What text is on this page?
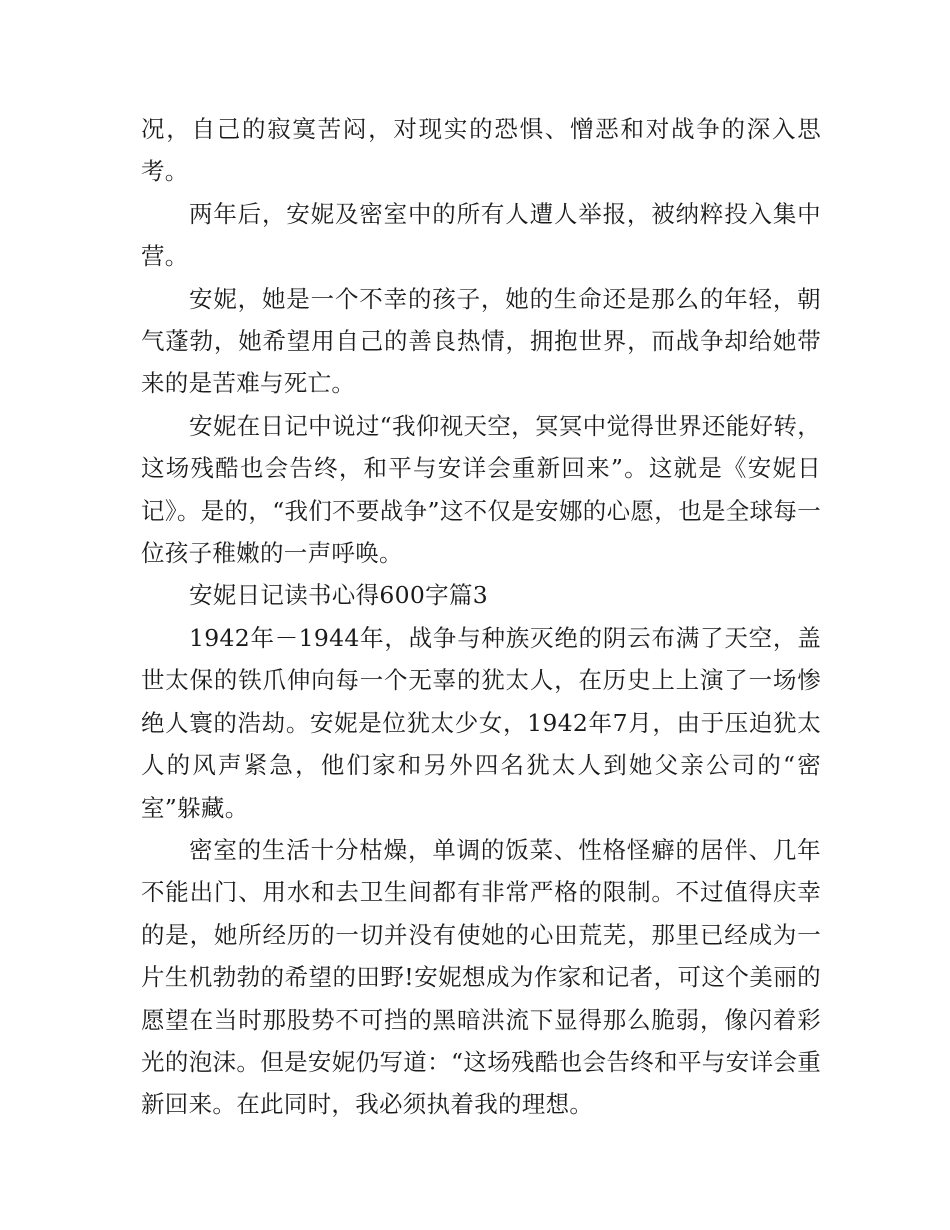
况，自己的寂寞苦闷，对现实的恐惧、憎恶和对战争的深入思考。

两年后，安妮及密室中的所有人遭人举报，被纳粹投入集中营。

安妮，她是一个不幸的孩子，她的生命还是那么的年轻，朝气蓬勃，她希望用自己的善良热情，拥抱世界，而战争却给她带来的是苦难与死亡。

安妮在日记中说过“我仰视天空，冥冥中觉得世界还能好转，这场残酷也会告终，和平与安详会重新回来”。这就是《安妮日记》。是的，“我们不要战争”这不仅是安娜的心愿，也是全球每一位孩子稚嫩的一声呼唤。

安妮日记读书心得600字篇3

1942年－1944年，战争与种族灭绝的阴云布满了天空，盖世太保的铁爪伸向每一个无辜的犹太人，在历史上上演了一场惨绝人寰的浩劫。安妮是位犹太少女，1942年7月，由于压迫犹太人的风声紧急，他们家和另外四名犹太人到她父亲公司的“密室”躲藏。

密室的生活十分枯燥，单调的饭菜、性格怪癖的居伴、几年不能出门、用水和去卫生间都有非常严格的限制。不过值得庆幸的是，她所经历的一切并没有使她的心田荒芜，那里已经成为一片生机勃勃的希望的田野!安妮想成为作家和记者，可这个美丽的愿望在当时那股势不可挡的黑暗洪流下显得那么脆弱，像闪着彩光的泡沫。但是安妮仍写道：“这场残酷也会告终和平与安详会重新回来。在此同时，我必须执着我的理想。
